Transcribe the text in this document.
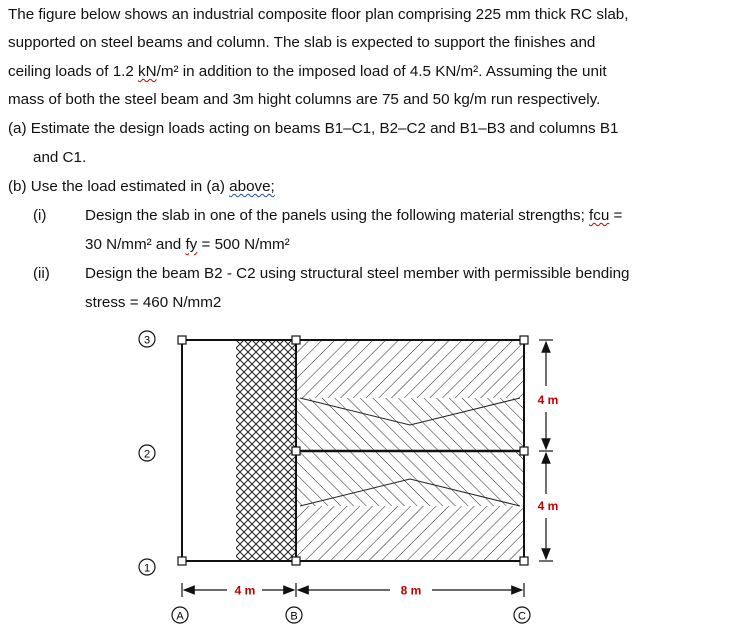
The figure below shows an industrial composite floor plan comprising 225 mm thick RC slab,
supported on steel beams and column. The slab is expected to support the finishes and
ceiling loads of 1.2 kN/m² in addition to the imposed load of 4.5 KN/m². Assuming the unit
mass of both the steel beam and 3m hight columns are 75 and 50 kg/m run respectively.
(a) Estimate the design loads acting on beams B1–C1, B2–C2 and B1–B3 and columns B1
and C1.
(b) Use the load estimated in (a) above;
(i)	Design the slab in one of the panels using the following material strengths; fcu =
30 N/mm² and fy = 500 N/mm²
(ii) Design the beam B2 - C2 using structural steel member with permissible bending
stress = 460 N/mm2
3
2
1
A	B	C
4 m	8 m
4 m
4 m
